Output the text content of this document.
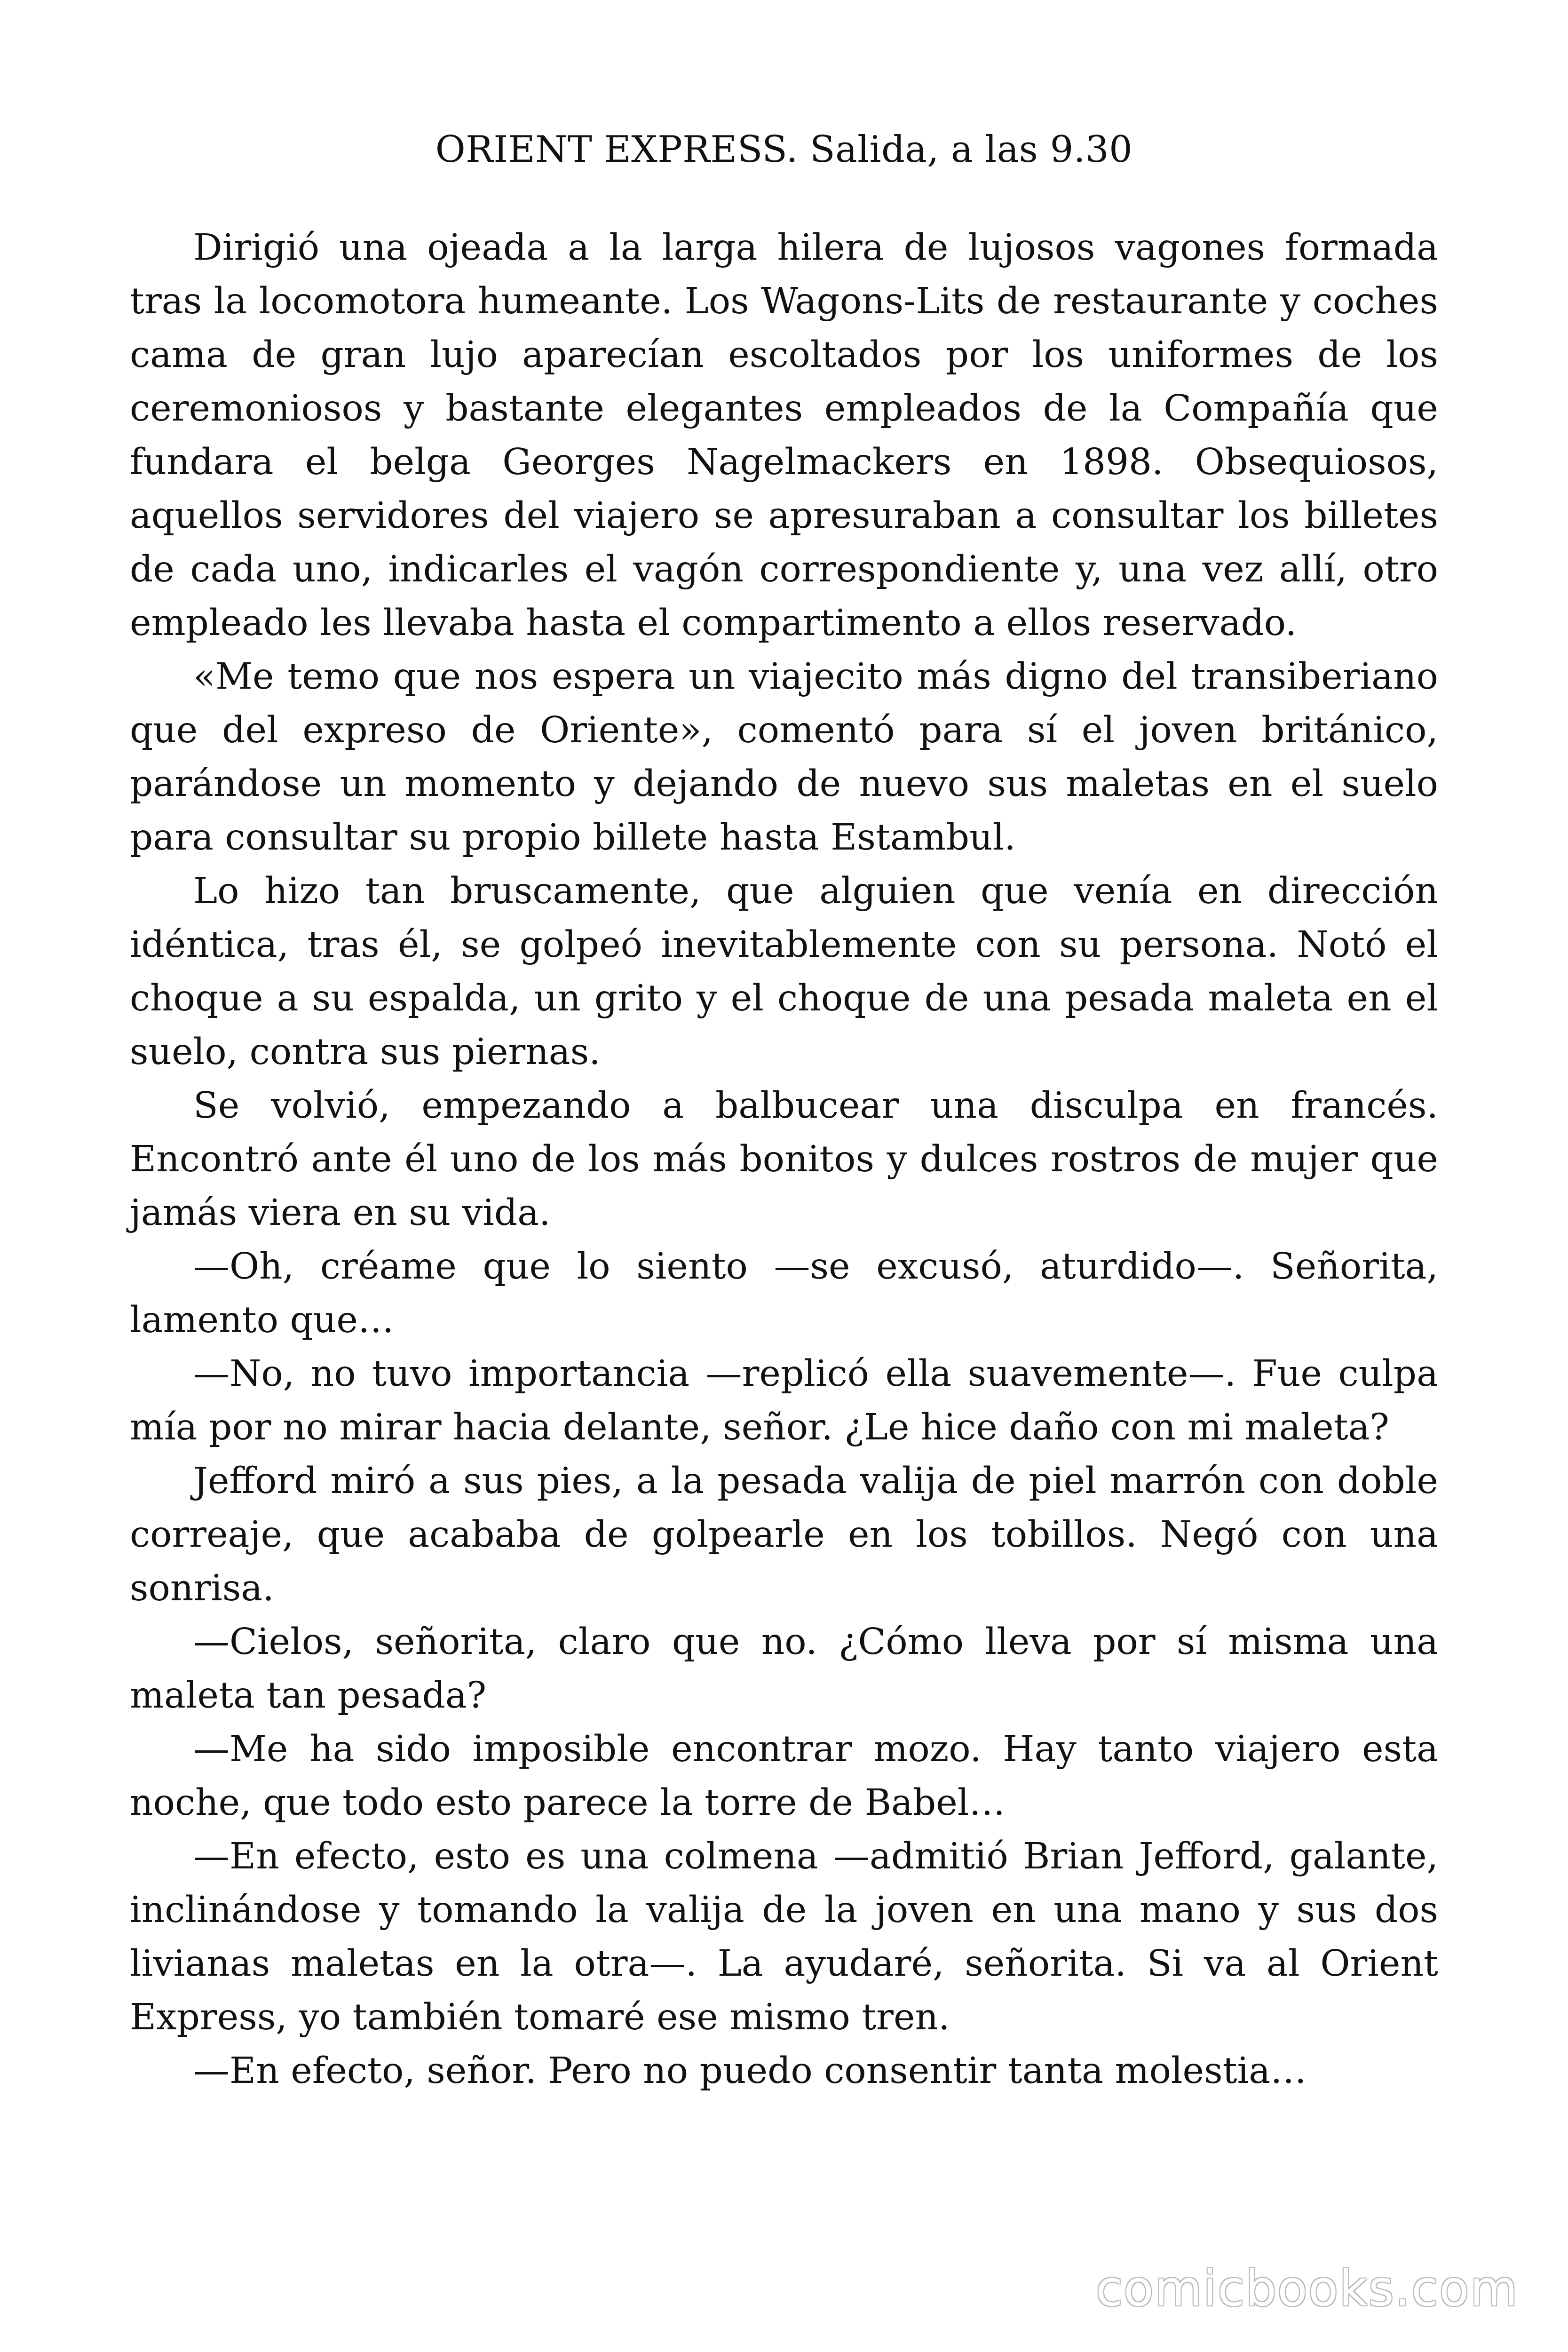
ORIENT EXPRESS. Salida, a las 9.30

Dirigió una ojeada a la larga hilera de lujosos vagones formada tras la locomotora humeante. Los Wagons-Lits de restaurante y coches cama de gran lujo aparecían escoltados por los uniformes de los ceremoniosos y bastante elegantes empleados de la Compañía que fundara el belga Georges Nagelmackers en 1898. Obsequiosos, aquellos servidores del viajero se apresuraban a consultar los billetes de cada uno, indicarles el vagón correspondiente y, una vez allí, otro empleado les llevaba hasta el compartimento a ellos reservado.

«Me temo que nos espera un viajecito más digno del transiberiano que del expreso de Oriente», comentó para sí el joven británico, parándose un momento y dejando de nuevo sus maletas en el suelo para consultar su propio billete hasta Estambul.

Lo hizo tan bruscamente, que alguien que venía en dirección idéntica, tras él, se golpeó inevitablemente con su persona. Notó el choque a su espalda, un grito y el choque de una pesada maleta en el suelo, contra sus piernas.

Se volvió, empezando a balbucear una disculpa en francés. Encontró ante él uno de los más bonitos y dulces rostros de mujer que jamás viera en su vida.

—Oh, créame que lo siento —se excusó, aturdido—. Señorita, lamento que…

—No, no tuvo importancia —replicó ella suavemente—. Fue culpa mía por no mirar hacia delante, señor. ¿Le hice daño con mi maleta?

Jefford miró a sus pies, a la pesada valija de piel marrón con doble correaje, que acababa de golpearle en los tobillos. Negó con una sonrisa.

—Cielos, señorita, claro que no. ¿Cómo lleva por sí misma una maleta tan pesada?

—Me ha sido imposible encontrar mozo. Hay tanto viajero esta noche, que todo esto parece la torre de Babel…

—En efecto, esto es una colmena —admitió Brian Jefford, galante, inclinándose y tomando la valija de la joven en una mano y sus dos livianas maletas en la otra—. La ayudaré, señorita. Si va al Orient Express, yo también tomaré ese mismo tren.

—En efecto, señor. Pero no puedo consentir tanta molestia…

comicbooks.com
